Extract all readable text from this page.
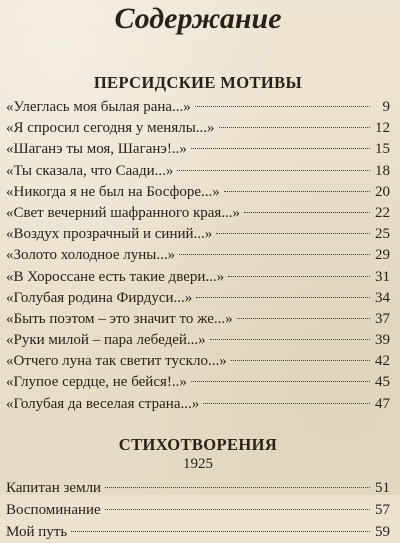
Содержание
ПЕРСИДСКИЕ МОТИВЫ
«Улеглась моя былая рана...»	9
«Я спросил сегодня у менялы...»	12
«Шаганэ ты моя, Шаганэ!..»	15
«Ты сказала, что Саади...»	18
«Никогда я не был на Босфоре...»	20
«Свет вечерний шафранного края...»	22
«Воздух прозрачный и синий...»	25
«Золото холодное луны...»	29
«В Хороссане есть такие двери...»	31
«Голубая родина Фирдуси...»	34
«Быть поэтом – это значит то же...»	37
«Руки милой – пара лебедей...»	39
«Отчего луна так светит тускло...»	42
«Глупое сердце, не бейся!..»	45
«Голубая да веселая страна...»	47
СТИХОТВОРЕНИЯ

1925

Капитан земли	51
Воспоминание	57
Мой путь	59
